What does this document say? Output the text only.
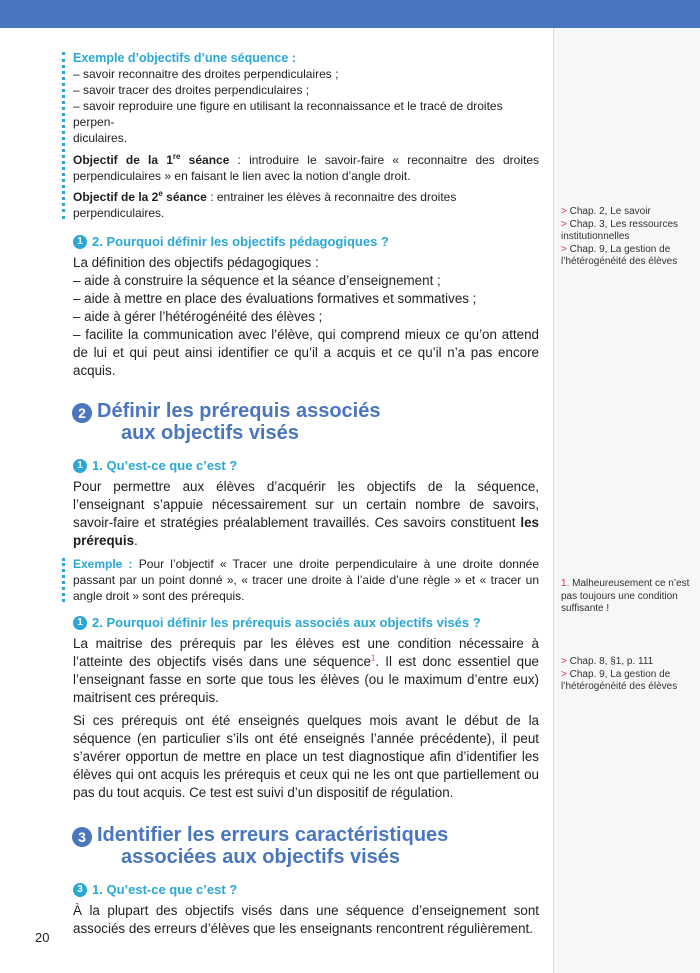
Exemple d’objectifs d’une séquence :
– savoir reconnaitre des droites perpendiculaires ;
– savoir tracer des droites perpendiculaires ;
– savoir reproduire une figure en utilisant la reconnaissance et le tracé de droites perpen-
diculaires.
Objectif de la 1re séance : introduire le savoir-faire « reconnaitre des droites perpendiculaires » en faisant le lien avec la notion d’angle droit.
Objectif de la 2e séance : entrainer les élèves à reconnaitre des droites perpendiculaires.
1 2. Pourquoi définir les objectifs pédagogiques ?
La définition des objectifs pédagogiques :
– aide à construire la séquence et la séance d’enseignement ;
– aide à mettre en place des évaluations formatives et sommatives ;
– aide à gérer l’hétérogénéité des élèves ;
– facilite la communication avec l’élève, qui comprend mieux ce qu’on attend de lui et qui peut ainsi identifier ce qu’il a acquis et ce qu’il n’a pas encore acquis.
2 Définir les prérequis associés
aux objectifs visés
1 1. Qu’est-ce que c’est ?
Pour permettre aux élèves d’acquérir les objectifs de la séquence, l’enseignant s’appuie nécessairement sur un certain nombre de savoirs, savoir-faire et stratégies préalablement travaillés. Ces savoirs constituent les prérequis.
Exemple : Pour l’objectif « Tracer une droite perpendiculaire à une droite donnée passant par un point donné », « tracer une droite à l’aide d’une règle » et « tracer un angle droit » sont des prérequis.
1 2. Pourquoi définir les prérequis associés aux objectifs visés ?
La maitrise des prérequis par les élèves est une condition nécessaire à l’atteinte des objectifs visés dans une séquence$^1$. Il est donc essentiel que l’enseignant fasse en sorte que tous les élèves (ou le maximum d’entre eux) maitrisent ces prérequis.
Si ces prérequis ont été enseignés quelques mois avant le début de la séquence (en particulier s’ils ont été enseignés l’année précédente), il peut s’avérer opportun de mettre en place un test diagnostique afin d’identifier les élèves qui ont acquis les prérequis et ceux qui ne les ont que partiellement ou pas du tout acquis. Ce test est suivi d’un dispositif de régulation.
3 Identifier les erreurs caractéristiques
associées aux objectifs visés
3 1. Qu’est-ce que c’est ?
À la plupart des objectifs visés dans une séquence d’enseignement sont associés des erreurs d’élèves que les enseignants rencontrent régulièrement.
> Chap. 2, Le savoir
> Chap. 3, Les ressources institutionnelles
> Chap. 9, La gestion de l’hétérogénéité des élèves
1. Malheureusement ce n’est pas toujours une condition suffisante !
> Chap. 8, §1, p. 111
> Chap. 9, La gestion de l’hétérogénéité des élèves
20
